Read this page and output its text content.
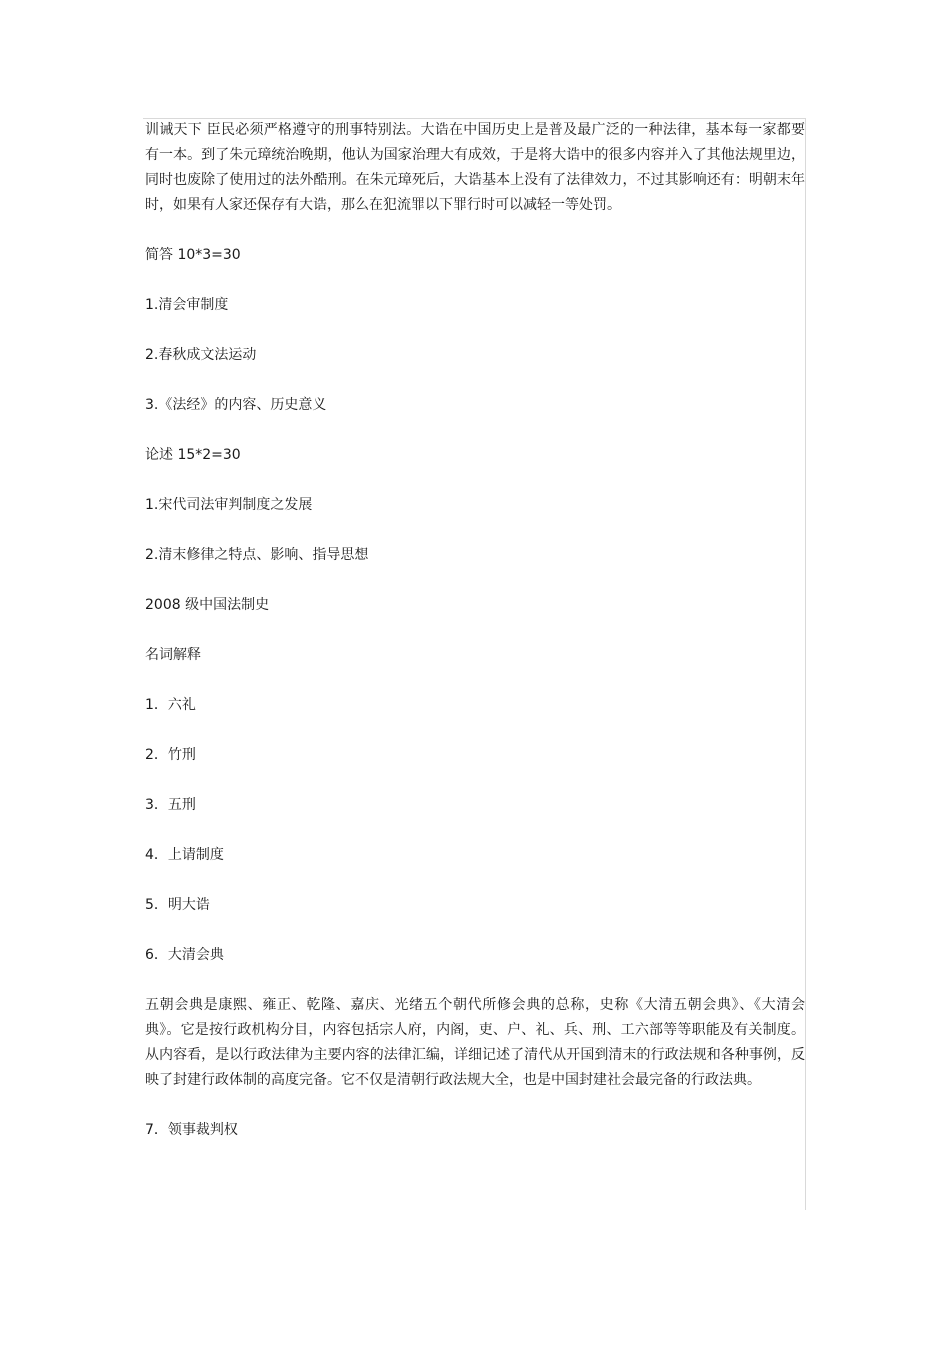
训诫天下 臣民必须严格遵守的刑事特别法。大诰在中国历史上是普及最广泛的一种法律，基本每一家都要有一本。到了朱元璋统治晚期，他认为国家治理大有成效，于是将大诰中的很多内容并入了其他法规里边，同时也废除了使用过的法外酷刑。在朱元璋死后，大诰基本上没有了法律效力，不过其影响还有：明朝末年时，如果有人家还保存有大诰，那么在犯流罪以下罪行时可以减轻一等处罚。

简答 10*3=30

1.清会审制度

2.春秋成文法运动

3.《法经》的内容、历史意义

论述 15*2=30

1.宋代司法审判制度之发展

2.清末修律之特点、影响、指导思想

2008 级中国法制史

名词解释

1．六礼

2．竹刑

3．五刑

4．上请制度

5．明大诰

6．大清会典

五朝会典是康熙、雍正、乾隆、嘉庆、光绪五个朝代所修会典的总称，史称《大清五朝会典》、《大清会典》。它是按行政机构分目，内容包括宗人府，内阁，吏、户、礼、兵、刑、工六部等等职能及有关制度。从内容看，是以行政法律为主要内容的法律汇编，详细记述了清代从开国到清末的行政法规和各种事例，反映了封建行政体制的高度完备。它不仅是清朝行政法规大全，也是中国封建社会最完备的行政法典。

7．领事裁判权
